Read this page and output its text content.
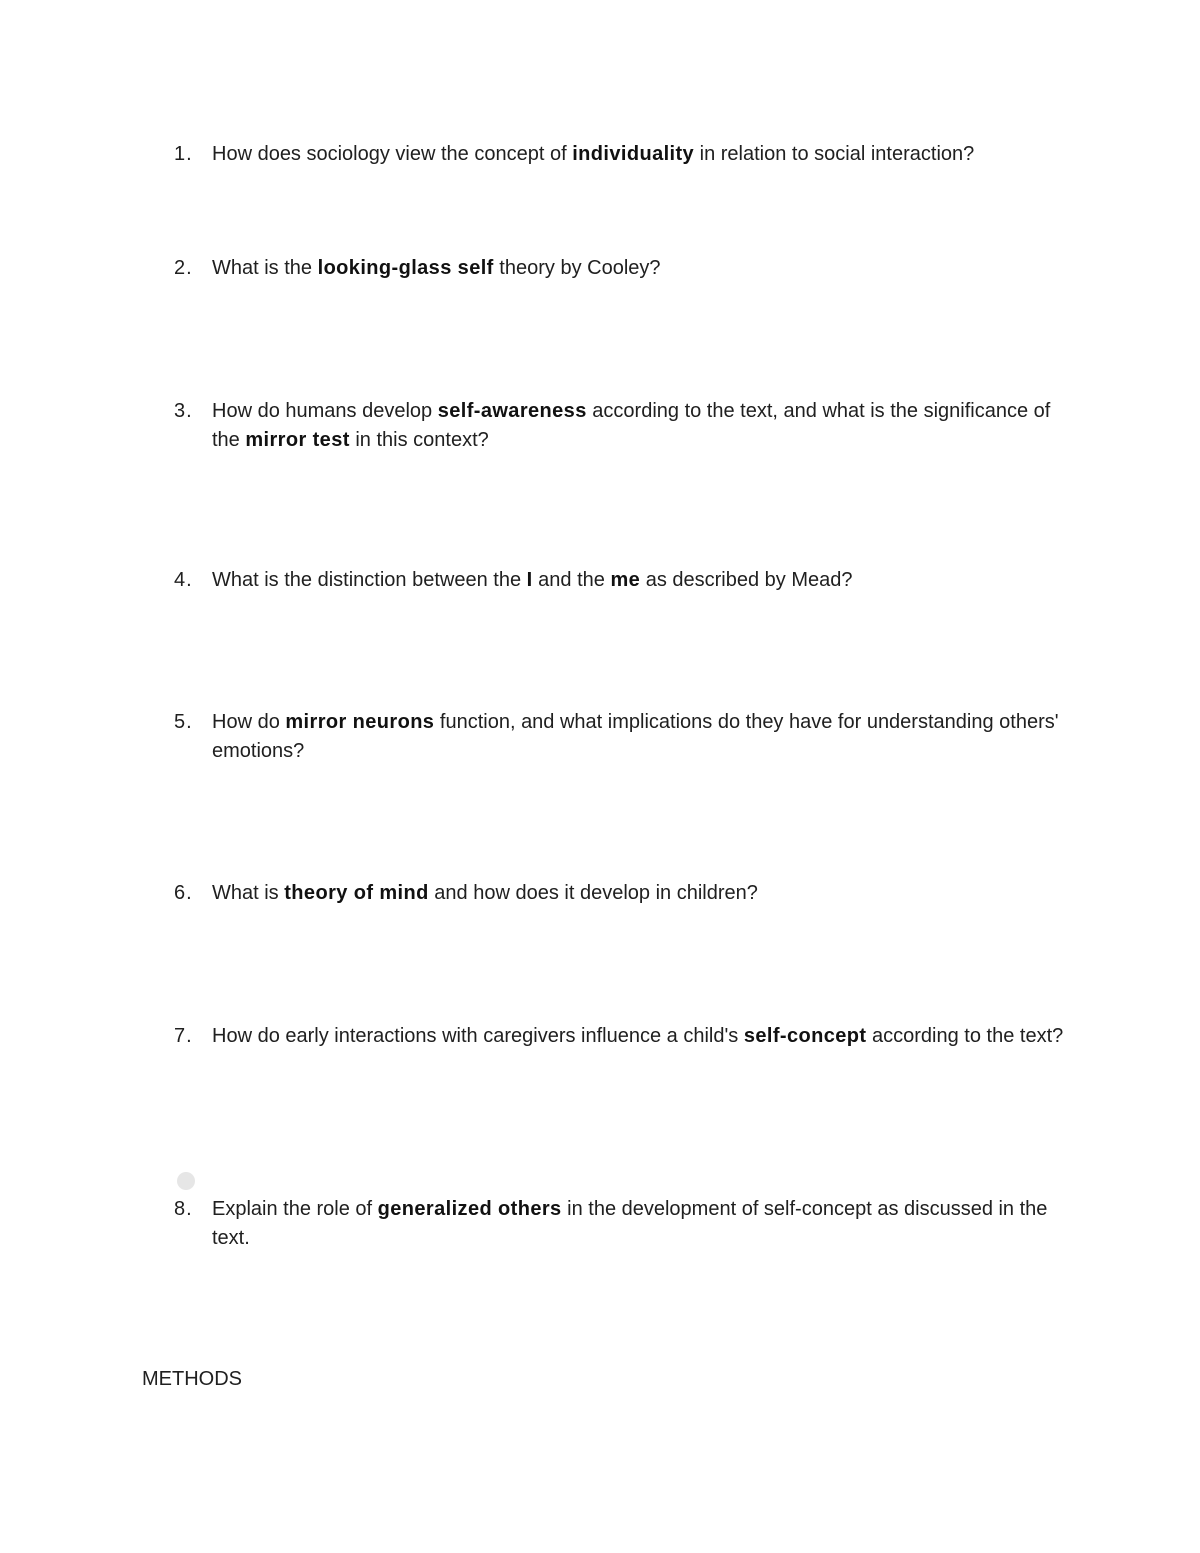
1. How does sociology view the concept of individuality in relation to social interaction?
2. What is the looking-glass self theory by Cooley?
3. How do humans develop self-awareness according to the text, and what is the significance of the mirror test in this context?
4. What is the distinction between the I and the me as described by Mead?
5. How do mirror neurons function, and what implications do they have for understanding others' emotions?
6. What is theory of mind and how does it develop in children?
7. How do early interactions with caregivers influence a child's self-concept according to the text?
8. Explain the role of generalized others in the development of self-concept as discussed in the text.
METHODS
